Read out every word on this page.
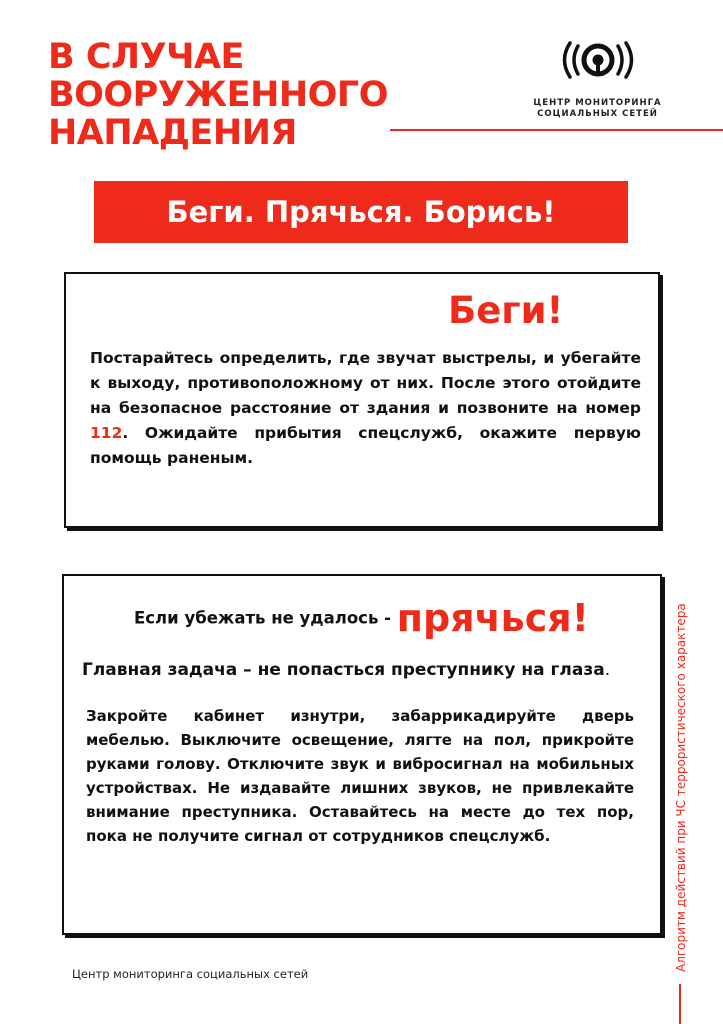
В СЛУЧАЕ
ВООРУЖЕННОГО
НАПАДЕНИЯ
ЦЕНТР МОНИТОРИНГА
СОЦИАЛЬНЫХ СЕТЕЙ
Беги. Прячься. Борись!
Беги!

Постарайтесь определить, где звучат выстрелы, и убегайте к выходу, противоположному от них. После этого отойдите на безопасное расстояние от здания и позвоните на номер 112. Ожидайте прибытия спецслужб, окажите первую помощь раненым.

Если убежать не удалось - прячься!
Главная задача – не попасться преступнику на глаза.

Закройте кабинет изнутри, забаррикадируйте дверь мебелью. Выключите освещение, лягте на пол, прикройте руками голову. Отключите звук и вибросигнал на мобильных устройствах. Не издавайте лишних звуков, не привлекайте внимание преступника. Оставайтесь на месте до тех пор, пока не получите сигнал от сотрудников спецслужб.	Алгоритм действий при ЧС террористического характера
Центр мониторинга социальных сетей
